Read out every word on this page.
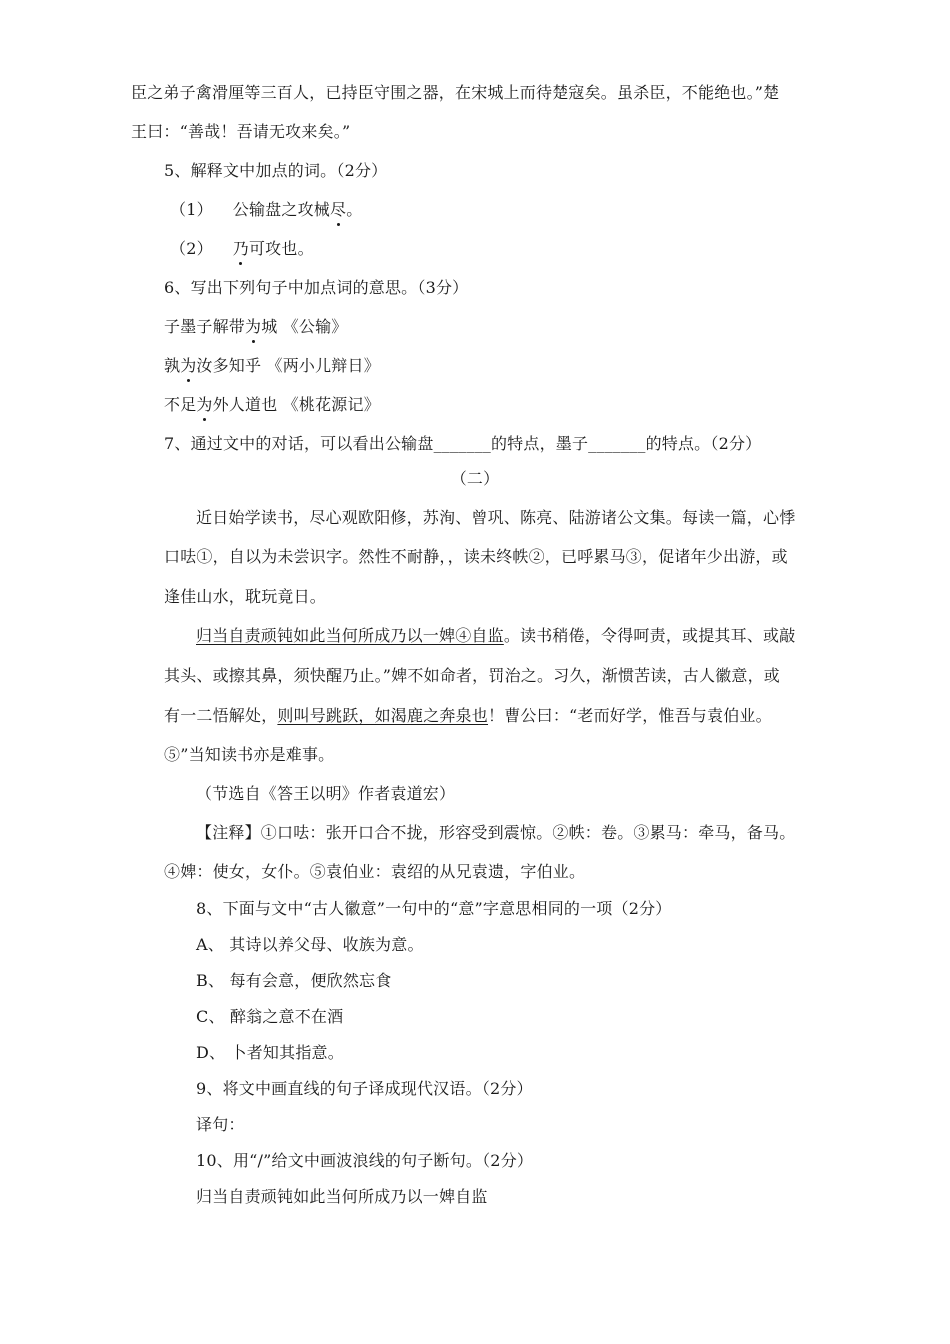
臣之弟子禽滑厘等三百人，已持臣守围之器，在宋城上而待楚寇矣。虽杀臣，不能绝也。”楚
王曰：“善哉！吾请无攻来矣。”
5、解释文中加点的词。（2分）
（1） 公输盘之攻械尽。
（2） 乃可攻也。
6、写出下列句子中加点词的意思。（3分）
子墨子解带为城 《公输》
孰为汝多知乎 《两小儿辩日》
不足为外人道也 《桃花源记》
7、通过文中的对话，可以看出公输盘_______的特点，墨子_______的特点。（2分）
（二）
近日始学读书，尽心观欧阳修，苏洵、曾巩、陈亮、陆游诸公文集。每读一篇，心悸
口呿①，自以为未尝识字。然性不耐静，，读未终帙②，已呼累马③，促诸年少出游，或
逢佳山水，耽玩竟日。
归当自责顽钝如此当何所成乃以一婢④自监。读书稍倦，令得呵责，或提其耳、或敲
其头、或擦其鼻，须快醒乃止。”婢不如命者，罚治之。习久，渐惯苦读，古人徽意，或
有一二悟解处，则叫号跳跃，如渴鹿之奔泉也！曹公曰：“老而好学，惟吾与袁伯业。
⑤”当知读书亦是难事。
（节选自《答王以明》作者袁道宏）
【注释】①口呿：张开口合不拢，形容受到震惊。②帙：卷。③累马：牵马，备马。
④婢：使女，女仆。⑤袁伯业：袁绍的从兄袁遗，字伯业。
8、下面与文中“古人徽意”一句中的“意”字意思相同的一项（2分）
A、 其诗以养父母、收族为意。
B、 每有会意，便欣然忘食
C、 醉翁之意不在酒
D、 卜者知其指意。
9、将文中画直线的句子译成现代汉语。（2分）
译句：
10、用“/”给文中画波浪线的句子断句。（2分）
归当自责顽钝如此当何所成乃以一婢自监
